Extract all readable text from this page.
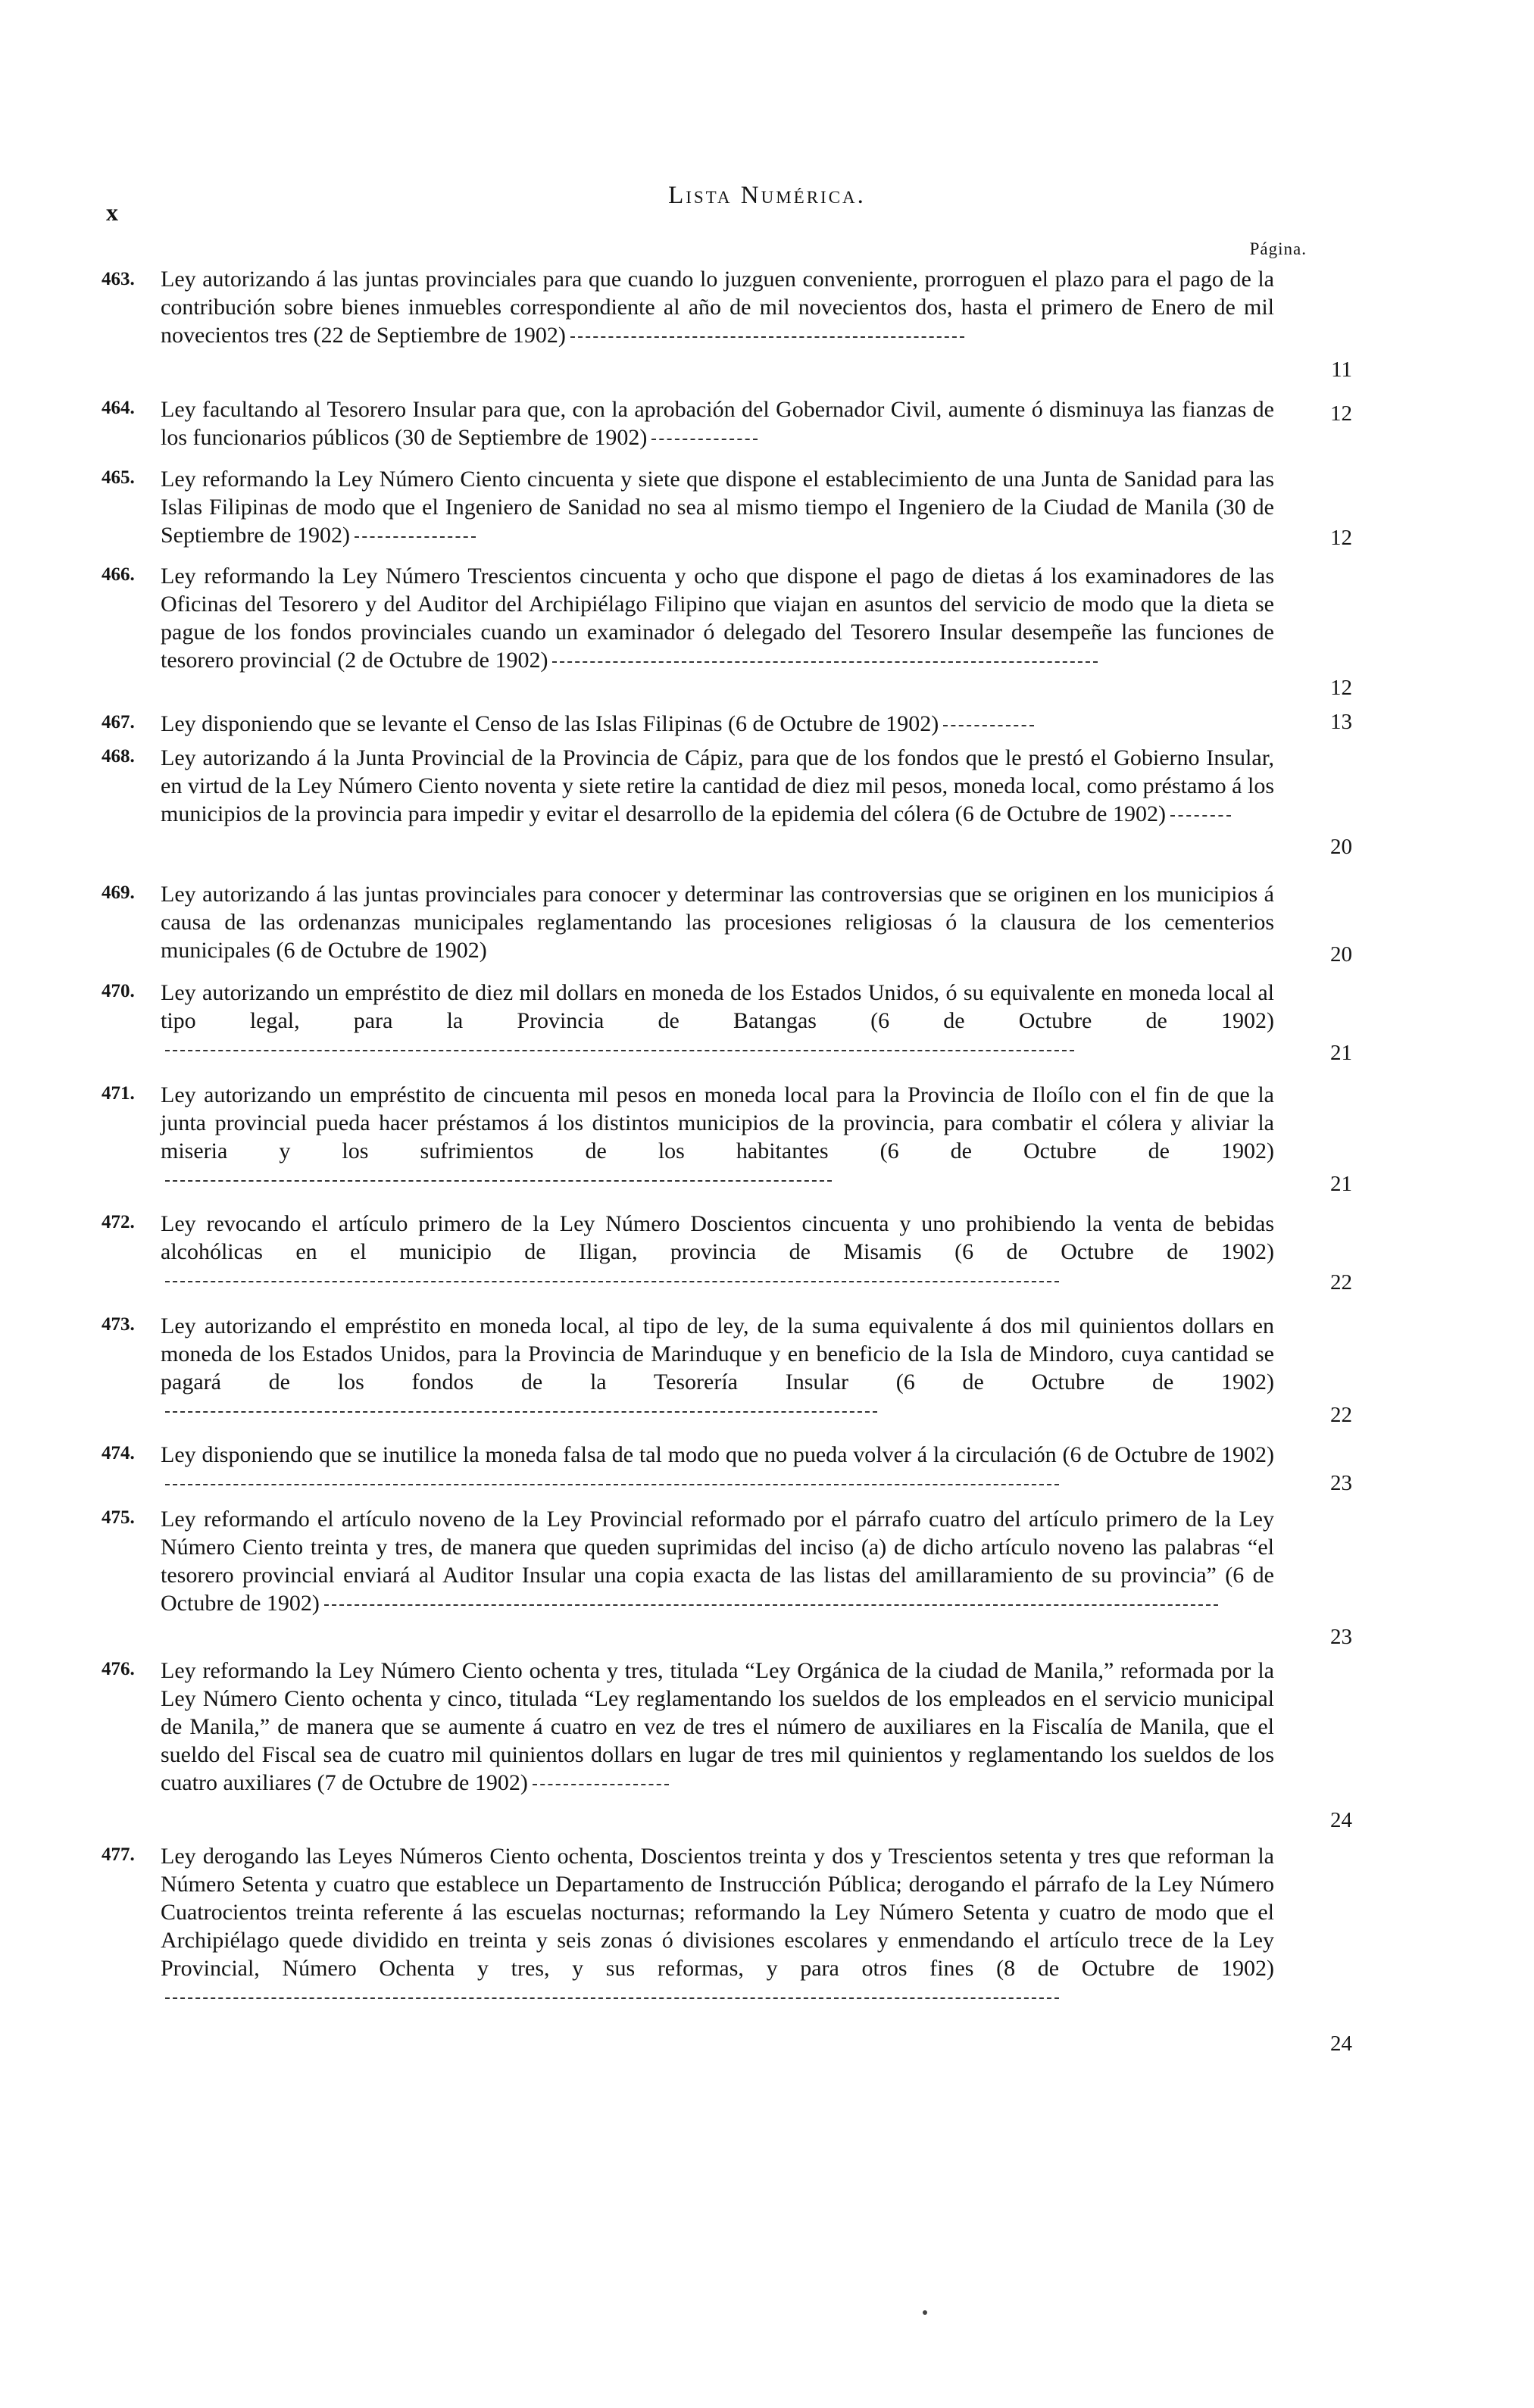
x
Lista Numérica.
Página.
463.	Ley autorizando á las juntas provinciales para que cuando lo juzguen conveniente, prorroguen el plazo para el pago de la contribución sobre bienes inmuebles correspondiente al año de mil novecientos dos, hasta el primero de Enero de mil novecientos tres (22 de Septiembre de 1902)
11
464.	Ley facultando al Tesorero Insular para que, con la aprobación del Gobernador Civil, aumente ó disminuya las fianzas de los funcionarios públicos (30 de Septiembre de 1902)
12
465.	Ley reformando la Ley Número Ciento cincuenta y siete que dispone el establecimiento de una Junta de Sanidad para las Islas Filipinas de modo que el Ingeniero de Sanidad no sea al mismo tiempo el Ingeniero de la Ciudad de Manila (30 de Septiembre de 1902)	12
466.	Ley reformando la Ley Número Trescientos cincuenta y ocho que dispone el pago de dietas á los examinadores de las Oficinas del Tesorero y del Auditor del Archipiélago Filipino que viajan en asuntos del servicio de modo que la dieta se pague de los fondos provinciales cuando un examinador ó delegado del Tesorero Insular desempeñe las funciones de tesorero provincial (2 de Octubre de 1902)
12
467.	Ley disponiendo que se levante el Censo de las Islas Filipinas (6 de Octubre de 1902)	13
468.	Ley autorizando á la Junta Provincial de la Provincia de Cápiz, para que de los fondos que le prestó el Gobierno Insular, en virtud de la Ley Número Ciento noventa y siete retire la cantidad de diez mil pesos, moneda local, como préstamo á los municipios de la provincia para impedir y evitar el desarrollo de la epidemia del cólera (6 de Octubre de 1902)
20
469.	Ley autorizando á las juntas provinciales para conocer y determinar las controversias que se originen en los municipios á causa de las ordenanzas municipales reglamentando las procesiones religiosas ó la clausura de los cementerios municipales (6 de Octubre de 1902)	20
470.	Ley autorizando un empréstito de diez mil dollars en moneda de los Estados Unidos, ó su equivalente en moneda local al tipo legal, para la Provincia de Batangas (6 de Octubre de 1902)
21
471.	Ley autorizando un empréstito de cincuenta mil pesos en moneda local para la Provincia de Iloílo con el fin de que la junta provincial pueda hacer préstamos á los distintos municipios de la provincia, para combatir el cólera y aliviar la miseria y los sufrimientos de los habitantes (6 de Octubre de 1902)
21
472.	Ley revocando el artículo primero de la Ley Número Doscientos cincuenta y uno prohibiendo la venta de bebidas alcohólicas en el municipio de Iligan, provincia de Misamis (6 de Octubre de 1902)
22
473.	Ley autorizando el empréstito en moneda local, al tipo de ley, de la suma equivalente á dos mil quinientos dollars en moneda de los Estados Unidos, para la Provincia de Marinduque y en beneficio de la Isla de Mindoro, cuya cantidad se pagará de los fondos de la Tesorería Insular (6 de Octubre de 1902)
22
474.	Ley disponiendo que se inutilice la moneda falsa de tal modo que no pueda volver á la circulación (6 de Octubre de 1902)
23
475.	Ley reformando el artículo noveno de la Ley Provincial reformado por el párrafo cuatro del artículo primero de la Ley Número Ciento treinta y tres, de manera que queden suprimidas del inciso (a) de dicho artículo noveno las palabras “el tesorero provincial enviará al Auditor Insular una copia exacta de las listas del amillaramiento de su provincia” (6 de Octubre de 1902)
23
476.	Ley reformando la Ley Número Ciento ochenta y tres, titulada “Ley Orgánica de la ciudad de Manila,” reformada por la Ley Número Ciento ochenta y cinco, titulada “Ley reglamentando los sueldos de los empleados en el servicio municipal de Manila,” de manera que se aumente á cuatro en vez de tres el número de auxiliares en la Fiscalía de Manila, que el sueldo del Fiscal sea de cuatro mil quinientos dollars en lugar de tres mil quinientos y reglamentando los sueldos de los cuatro auxiliares (7 de Octubre de 1902)
24
477.	Ley derogando las Leyes Números Ciento ochenta, Doscientos treinta y dos y Trescientos setenta y tres que reforman la Número Setenta y cuatro que establece un Departamento de Instrucción Pública; derogando el párrafo de la Ley Número Cuatrocientos treinta referente á las escuelas nocturnas; reformando la Ley Número Setenta y cuatro de modo que el Archipiélago quede dividido en treinta y seis zonas ó divisiones escolares y enmendando el artículo trece de la Ley Provincial, Número Ochenta y tres, y sus reformas, y para otros fines (8 de Octubre de 1902)
24
